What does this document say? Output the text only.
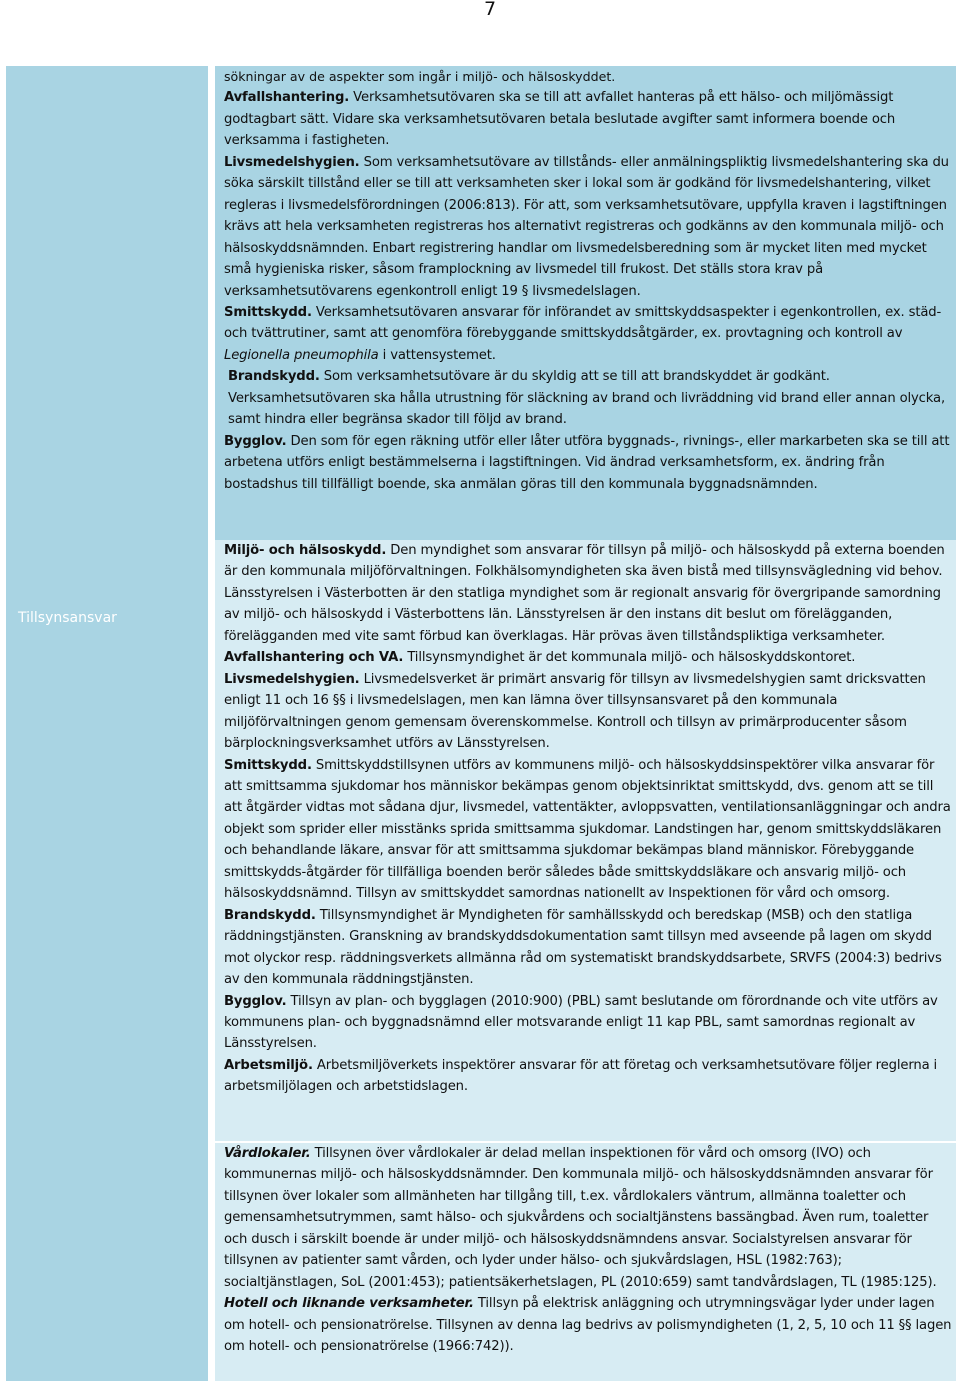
7
Tillsynsansvar

sökningar av de aspekter som ingår i miljö- och hälsoskyddet.

Avfallshantering. Verksamhetsutövaren ska se till att avfallet hanteras på ett hälso- och miljömässigt godtagbart sätt. Vidare ska verksamhetsutövaren betala beslutade avgifter samt informera boende och verksamma i fastigheten.

Livsmedelshygien. Som verksamhetsutövare av tillstånds- eller anmälningspliktig livsmedelshantering ska du söka särskilt tillstånd eller se till att verksamheten sker i lokal som är godkänd för livsmedelshantering, vilket regleras i livsmedelsförordningen (2006:813). För att, som verksamhetsutövare, uppfylla kraven i lagstiftningen krävs att hela verksamheten registreras hos alternativt registreras och godkänns av den kommunala miljö- och hälsoskyddsnämnden. Enbart registrering handlar om livsmedelsberedning som är mycket liten med mycket små hygieniska risker, såsom framplockning av livsmedel till frukost. Det ställs stora krav på verksamhetsutövarens egenkontroll enligt 19 § livsmedelslagen.

Smittskydd. Verksamhetsutövaren ansvarar för införandet av smittskyddsaspekter i egenkontrollen, ex. städ- och tvättrutiner, samt att genomföra förebyggande smittskyddsåtgärder, ex. provtagning och kontroll av Legionella pneumophila i vattensystemet.

Brandskydd. Som verksamhetsutövare är du skyldig att se till att brandskyddet är godkänt. Verksamhetsutövaren ska hålla utrustning för släckning av brand och livräddning vid brand eller annan olycka, samt hindra eller begränsa skador till följd av brand.

Bygglov. Den som för egen räkning utför eller låter utföra byggnads-, rivnings-, eller markarbeten ska se till att arbetena utförs enligt bestämmelserna i lagstiftningen. Vid ändrad verksamhetsform, ex. ändring från bostadshus till tillfälligt boende, ska anmälan göras till den kommunala byggnadsnämnden.

Miljö- och hälsoskydd. Den myndighet som ansvarar för tillsyn på miljö- och hälsoskydd på externa boenden är den kommunala miljöförvaltningen. Folkhälsomyndigheten ska även bistå med tillsynsvägledning vid behov. Länsstyrelsen i Västerbotten är den statliga myndighet som är regionalt ansvarig för övergripande samordning av miljö- och hälsoskydd i Västerbottens län. Länsstyrelsen är den instans dit beslut om förelägganden, förelägganden med vite samt förbud kan överklagas. Här prövas även tillståndspliktiga verksamheter.

Avfallshantering och VA. Tillsynsmyndighet är det kommunala miljö- och hälsoskyddskontoret.

Livsmedelshygien. Livsmedelsverket är primärt ansvarig för tillsyn av livsmedelshygien samt dricksvatten enligt 11 och 16 §§ i livsmedelslagen, men kan lämna över tillsynsansvaret på den kommunala miljöförvaltningen genom gemensam överenskommelse. Kontroll och tillsyn av primärproducenter såsom bärplockningsverksamhet utförs av Länsstyrelsen.

Smittskydd. Smittskyddstillsynen utförs av kommunens miljö- och hälsoskyddsinspektörer vilka ansvarar för att smittsamma sjukdomar hos människor bekämpas genom objektsinriktat smittskydd, dvs. genom att se till att åtgärder vidtas mot sådana djur, livsmedel, vattentäkter, avloppsvatten, ventilationsanläggningar och andra objekt som sprider eller misstänks sprida smittsamma sjukdomar. Landstingen har, genom smittskyddsläkaren och behandlande läkare, ansvar för att smittsamma sjukdomar bekämpas bland människor. Förebyggande smittskydds-åtgärder för tillfälliga boenden berör således både smittskyddsläkare och ansvarig miljö- och hälsoskyddsnämnd. Tillsyn av smittskyddet samordnas nationellt av Inspektionen för vård och omsorg.

Brandskydd. Tillsynsmyndighet är Myndigheten för samhällsskydd och beredskap (MSB) och den statliga räddningstjänsten. Granskning av brandskyddsdokumentation samt tillsyn med avseende på lagen om skydd mot olyckor resp. räddningsverkets allmänna råd om systematiskt brandskyddsarbete, SRVFS (2004:3) bedrivs av den kommunala räddningstjänsten.

Bygglov. Tillsyn av plan- och bygglagen (2010:900) (PBL) samt beslutande om förordnande och vite utförs av kommunens plan- och byggnadsnämnd eller motsvarande enligt 11 kap PBL, samt samordnas regionalt av Länsstyrelsen.

Arbetsmiljö. Arbetsmiljöverkets inspektörer ansvarar för att företag och verksamhetsutövare följer reglerna i arbetsmiljölagen och arbetstidslagen.

Vårdlokaler. Tillsynen över vårdlokaler är delad mellan inspektionen för vård och omsorg (IVO) och kommunernas miljö- och hälsoskyddsnämnder. Den kommunala miljö- och hälsoskyddsnämnden ansvarar för tillsynen över lokaler som allmänheten har tillgång till, t.ex. vårdlokalers väntrum, allmänna toaletter och gemensamhetsutrymmen, samt hälso- och sjukvårdens och socialtjänstens bassängbad. Även rum, toaletter och dusch i särskilt boende är under miljö- och hälsoskyddsnämndens ansvar. Socialstyrelsen ansvarar för tillsynen av patienter samt vården, och lyder under hälso- och sjukvårdslagen, HSL (1982:763); socialtjänstlagen, SoL (2001:453); patientsäkerhetslagen, PL (2010:659) samt tandvårdslagen, TL (1985:125).

Hotell och liknande verksamheter. Tillsyn på elektrisk anläggning och utrymningsvägar lyder under lagen om hotell- och pensionatrörelse. Tillsynen av denna lag bedrivs av polismyndigheten (1, 2, 5, 10 och 11 §§ lagen om hotell- och pensionatrörelse (1966:742)).
